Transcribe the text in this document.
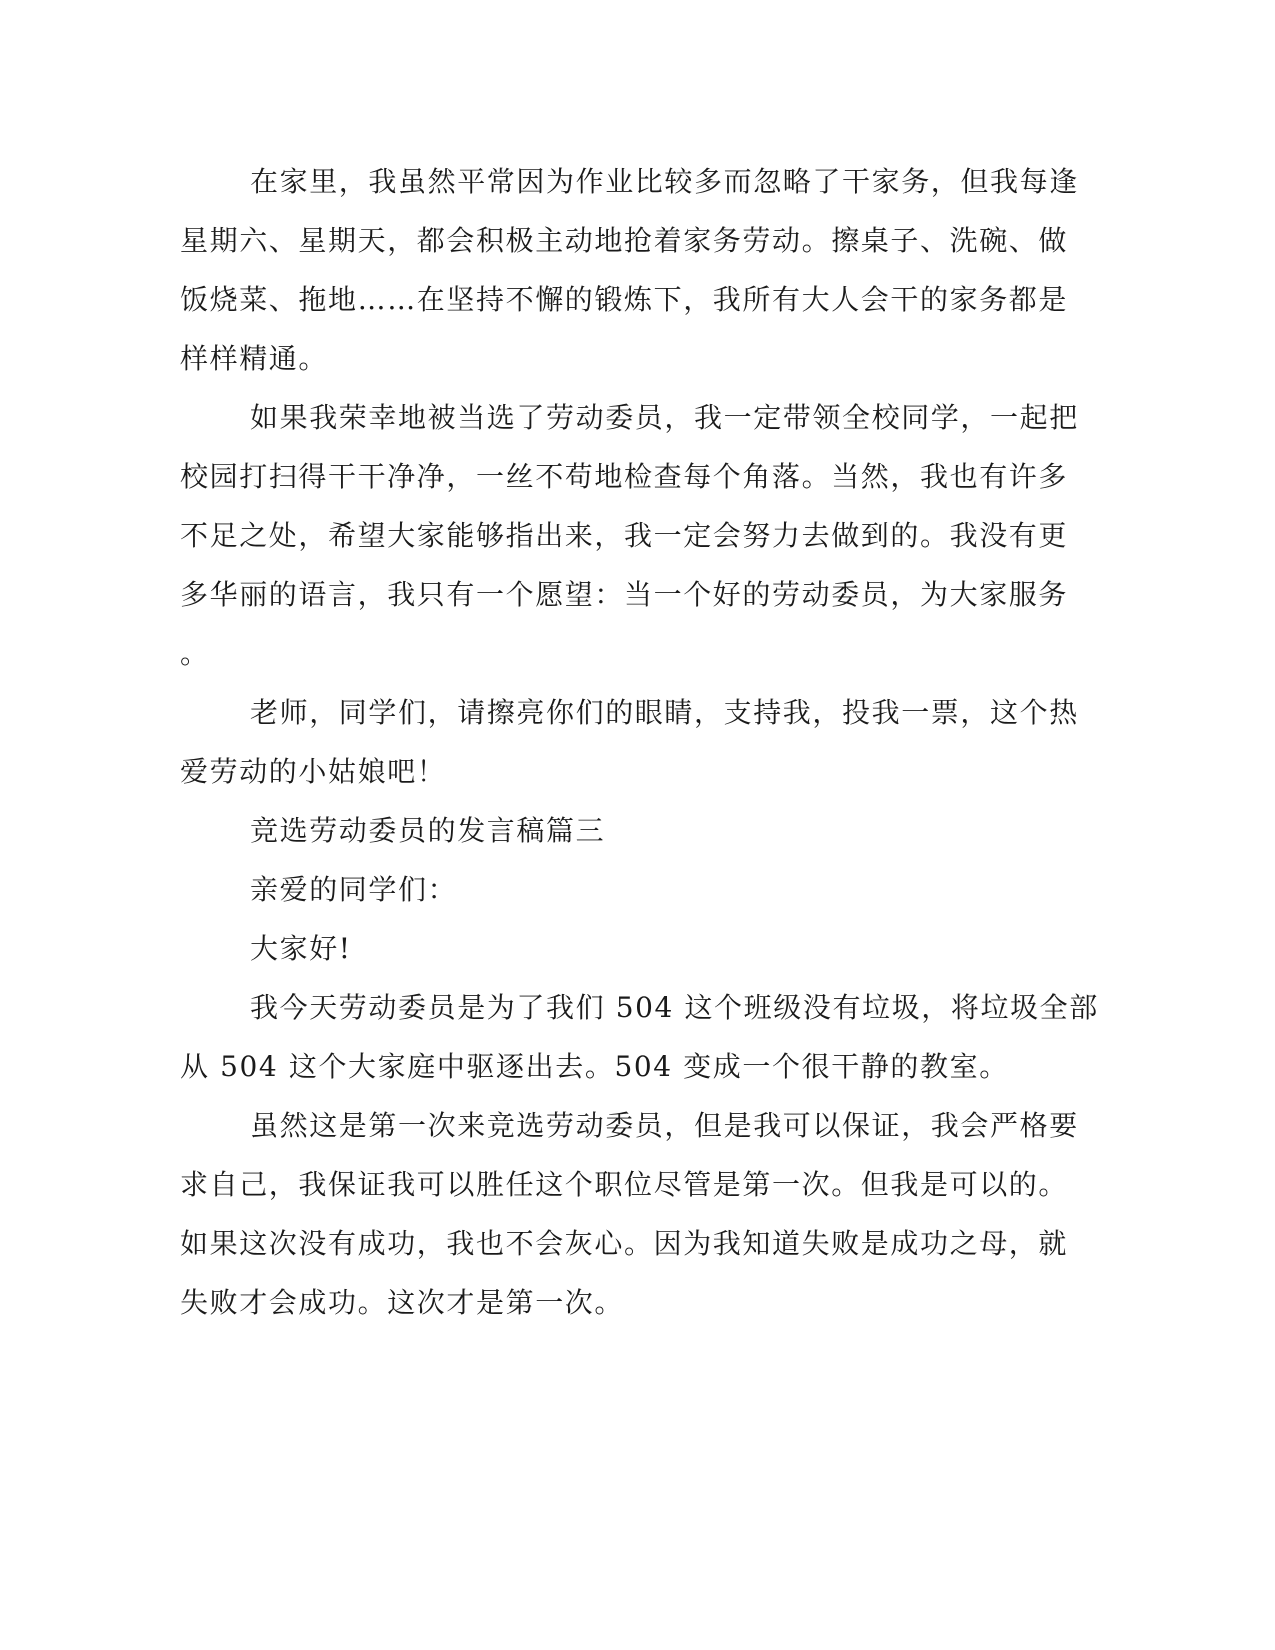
在家里，我虽然平常因为作业比较多而忽略了干家务，但我每逢
星期六、星期天，都会积极主动地抢着家务劳动。擦桌子、洗碗、做
饭烧菜、拖地……在坚持不懈的锻炼下，我所有大人会干的家务都是
样样精通。
如果我荣幸地被当选了劳动委员，我一定带领全校同学，一起把
校园打扫得干干净净，一丝不苟地检查每个角落。当然，我也有许多
不足之处，希望大家能够指出来，我一定会努力去做到的。我没有更
多华丽的语言，我只有一个愿望：当一个好的劳动委员，为大家服务
。
老师，同学们，请擦亮你们的眼睛，支持我，投我一票，这个热
爱劳动的小姑娘吧！
竞选劳动委员的发言稿篇三
亲爱的同学们：
大家好!
我今天劳动委员是为了我们 504 这个班级没有垃圾，将垃圾全部
从 504 这个大家庭中驱逐出去。504 变成一个很干静的教室。
虽然这是第一次来竞选劳动委员，但是我可以保证，我会严格要
求自己，我保证我可以胜任这个职位尽管是第一次。但我是可以的。
如果这次没有成功，我也不会灰心。因为我知道失败是成功之母，就
失败才会成功。这次才是第一次。
